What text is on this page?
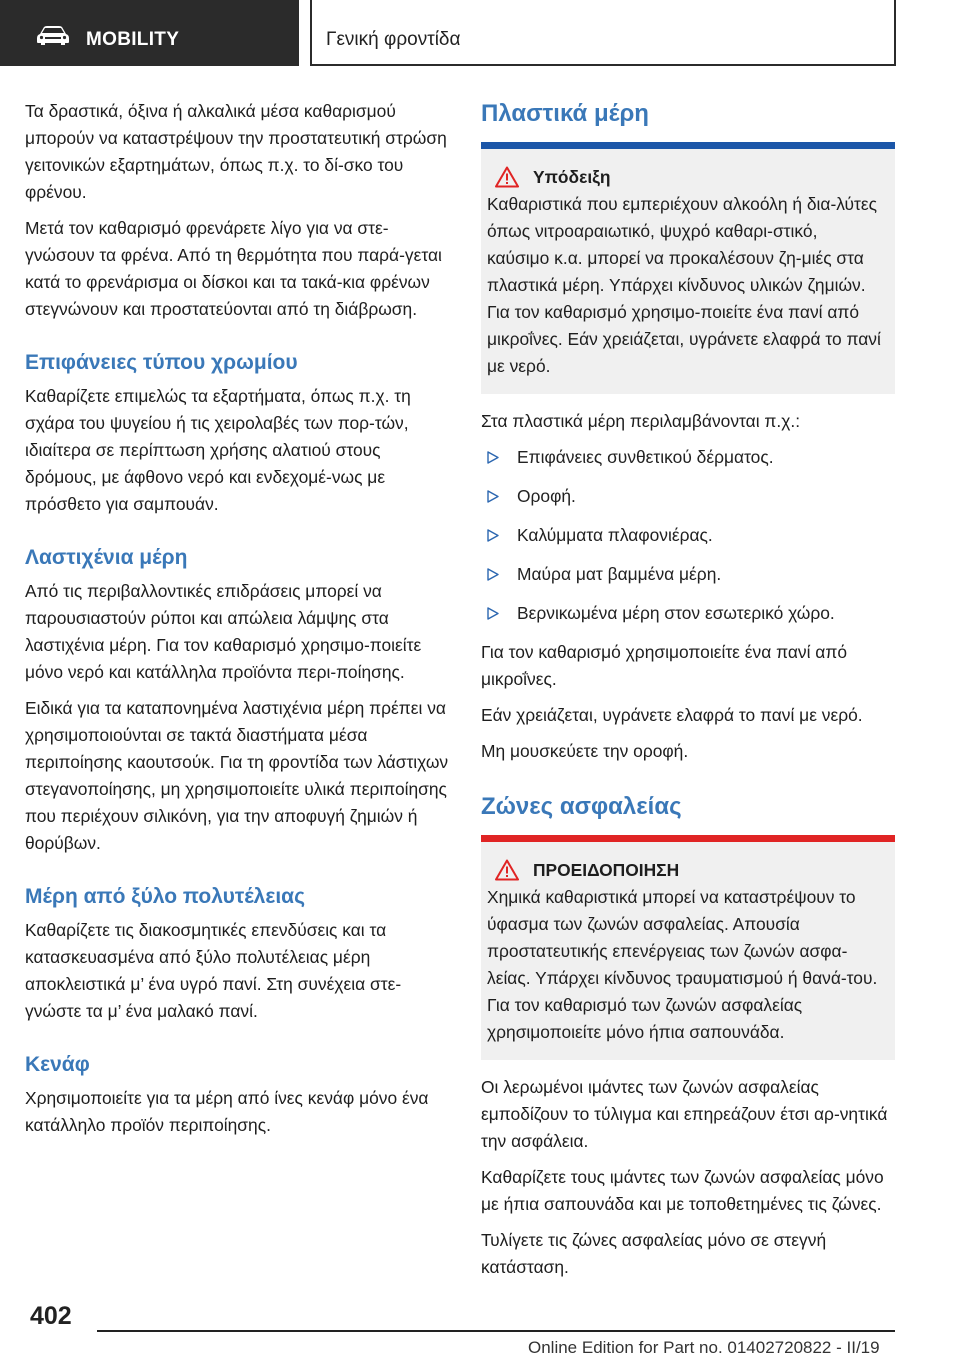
MOBILITY	Γενική φροντίδα

Τα δραστικά, όξινα ή αλκαλικά μέσα καθαρισμού μπορούν να καταστρέψουν την προστατευτική στρώση γειτονικών εξαρτημάτων, όπως π.χ. το δί‐σκο του φρένου.

Μετά τον καθαρισμό φρενάρετε λίγο για να στε‐γνώσουν τα φρένα. Από τη θερμότητα που παρά‐γεται κατά το φρενάρισμα οι δίσκοι και τα τακά‐κια φρένων στεγνώνουν και προστατεύονται από τη διάβρωση.

Επιφάνειες τύπου χρωμίου

Καθαρίζετε επιμελώς τα εξαρτήματα, όπως π.χ. τη σχάρα του ψυγείου ή τις χειρολαβές των πορ‐τών, ιδιαίτερα σε περίπτωση χρήσης αλατιού στους δρόμους, με άφθονο νερό και ενδεχομέ‐νως με πρόσθετο για σαμπουάν.

Λαστιχένια μέρη

Από τις περιβαλλοντικές επιδράσεις μπορεί να παρουσιαστούν ρύποι και απώλεια λάμψης στα λαστιχένια μέρη. Για τον καθαρισμό χρησιμο‐ποιείτε μόνο νερό και κατάλληλα προϊόντα περι‐ποίησης.

Ειδικά για τα καταπονημένα λαστιχένια μέρη πρέπει να χρησιμοποιούνται σε τακτά διαστήματα μέσα περιποίησης καουτσούκ. Για τη φροντίδα των λάστιχων στεγανοποίησης, μη χρησιμοποιείτε υλικά περιποίησης που περιέχουν σιλικόνη, για την αποφυγή ζημιών ή θορύβων.

Μέρη από ξύλο πολυτέλειας

Καθαρίζετε τις διακοσμητικές επενδύσεις και τα κατασκευασμένα από ξύλο πολυτέλειας μέρη αποκλειστικά μ’ ένα υγρό πανί. Στη συνέχεια στε‐γνώστε τα μ’ ένα μαλακό πανί.

Κενάφ

Χρησιμοποιείτε για τα μέρη από ίνες κενάφ μόνο ένα κατάλληλο προϊόν περιποίησης.

Πλαστικά μέρη
Υπόδειξη

Καθαριστικά που εμπεριέχουν αλκοόλη ή δια‐λύτες όπως νιτροαραιωτικό, ψυχρό καθαρι‐στικό, καύσιμο κ.α. μπορεί να προκαλέσουν ζη‐μιές στα πλαστικά μέρη. Υπάρχει κίνδυνος υλικών ζημιών. Για τον καθαρισμό χρησιμο‐ποιείτε ένα πανί από μικροΐνες. Εάν χρειάζεται, υγράνετε ελαφρά το πανί με νερό.

Στα πλαστικά μέρη περιλαμβάνονται π.χ.:

Επιφάνειες συνθετικού δέρματος.
Οροφή.
Καλύμματα πλαφονιέρας.
Μαύρα ματ βαμμένα μέρη.
Βερνικωμένα μέρη στον εσωτερικό χώρο.

Για τον καθαρισμό χρησιμοποιείτε ένα πανί από μικροΐνες.

Εάν χρειάζεται, υγράνετε ελαφρά το πανί με νερό.

Μη μουσκεύετε την οροφή.

Ζώνες ασφαλείας
ΠΡΟΕΙΔΟΠΟΙΗΣΗ

Χημικά καθαριστικά μπορεί να καταστρέψουν το ύφασμα των ζωνών ασφαλείας. Απουσία προστατευτικής επενέργειας των ζωνών ασφα‐λείας. Υπάρχει κίνδυνος τραυματισμού ή θανά‐του. Για τον καθαρισμό των ζωνών ασφαλείας χρησιμοποιείτε μόνο ήπια σαπουνάδα.

Οι λερωμένοι ιμάντες των ζωνών ασφαλείας εμποδίζουν το τύλιγμα και επηρεάζουν έτσι αρ‐νητικά την ασφάλεια.

Καθαρίζετε τους ιμάντες των ζωνών ασφαλείας μόνο με ήπια σαπουνάδα και με τοποθετημένες τις ζώνες.

Τυλίγετε τις ζώνες ασφαλείας μόνο σε στεγνή κατάσταση.

402
Online Edition for Part no. 01402720822 - II/19
